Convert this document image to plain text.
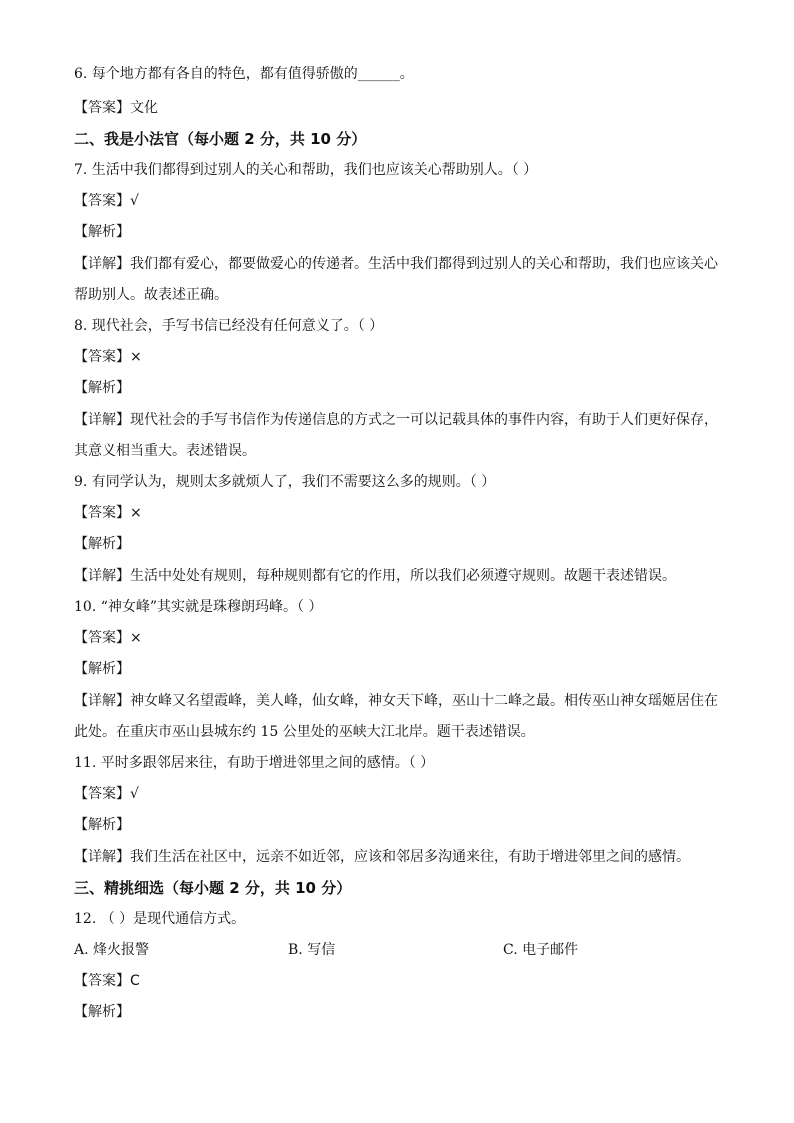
6. 每个地方都有各自的特色，都有值得骄傲的______。
【答案】文化
二、我是小法官（每小题 2 分，共 10 分）
7. 生活中我们都得到过别人的关心和帮助，我们也应该关心帮助别人。（ ）
【答案】√
【解析】
【详解】我们都有爱心，都要做爱心的传递者。生活中我们都得到过别人的关心和帮助，我们也应该关心
帮助别人。故表述正确。
8. 现代社会，手写书信已经没有任何意义了。（ ）
【答案】×
【解析】
【详解】现代社会的手写书信作为传递信息的方式之一可以记载具体的事件内容，有助于人们更好保存，
其意义相当重大。表述错误。
9. 有同学认为，规则太多就烦人了，我们不需要这么多的规则。（ ）
【答案】×
【解析】
【详解】生活中处处有规则，每种规则都有它的作用，所以我们必须遵守规则。故题干表述错误。
10. “神女峰”其实就是珠穆朗玛峰。（ ）
【答案】×
【解析】
【详解】神女峰又名望霞峰，美人峰，仙女峰，神女天下峰，巫山十二峰之最。相传巫山神女瑶姬居住在
此处。在重庆市巫山县城东约 15 公里处的巫峡大江北岸。题干表述错误。
11. 平时多跟邻居来往，有助于增进邻里之间的感情。（ ）
【答案】√
【解析】
【详解】我们生活在社区中，远亲不如近邻，应该和邻居多沟通来往，有助于增进邻里之间的感情。
三、精挑细选（每小题 2 分，共 10 分）
12. （ ）是现代通信方式。
A. 烽火报警	B. 写信	C. 电子邮件
【答案】C
【解析】
